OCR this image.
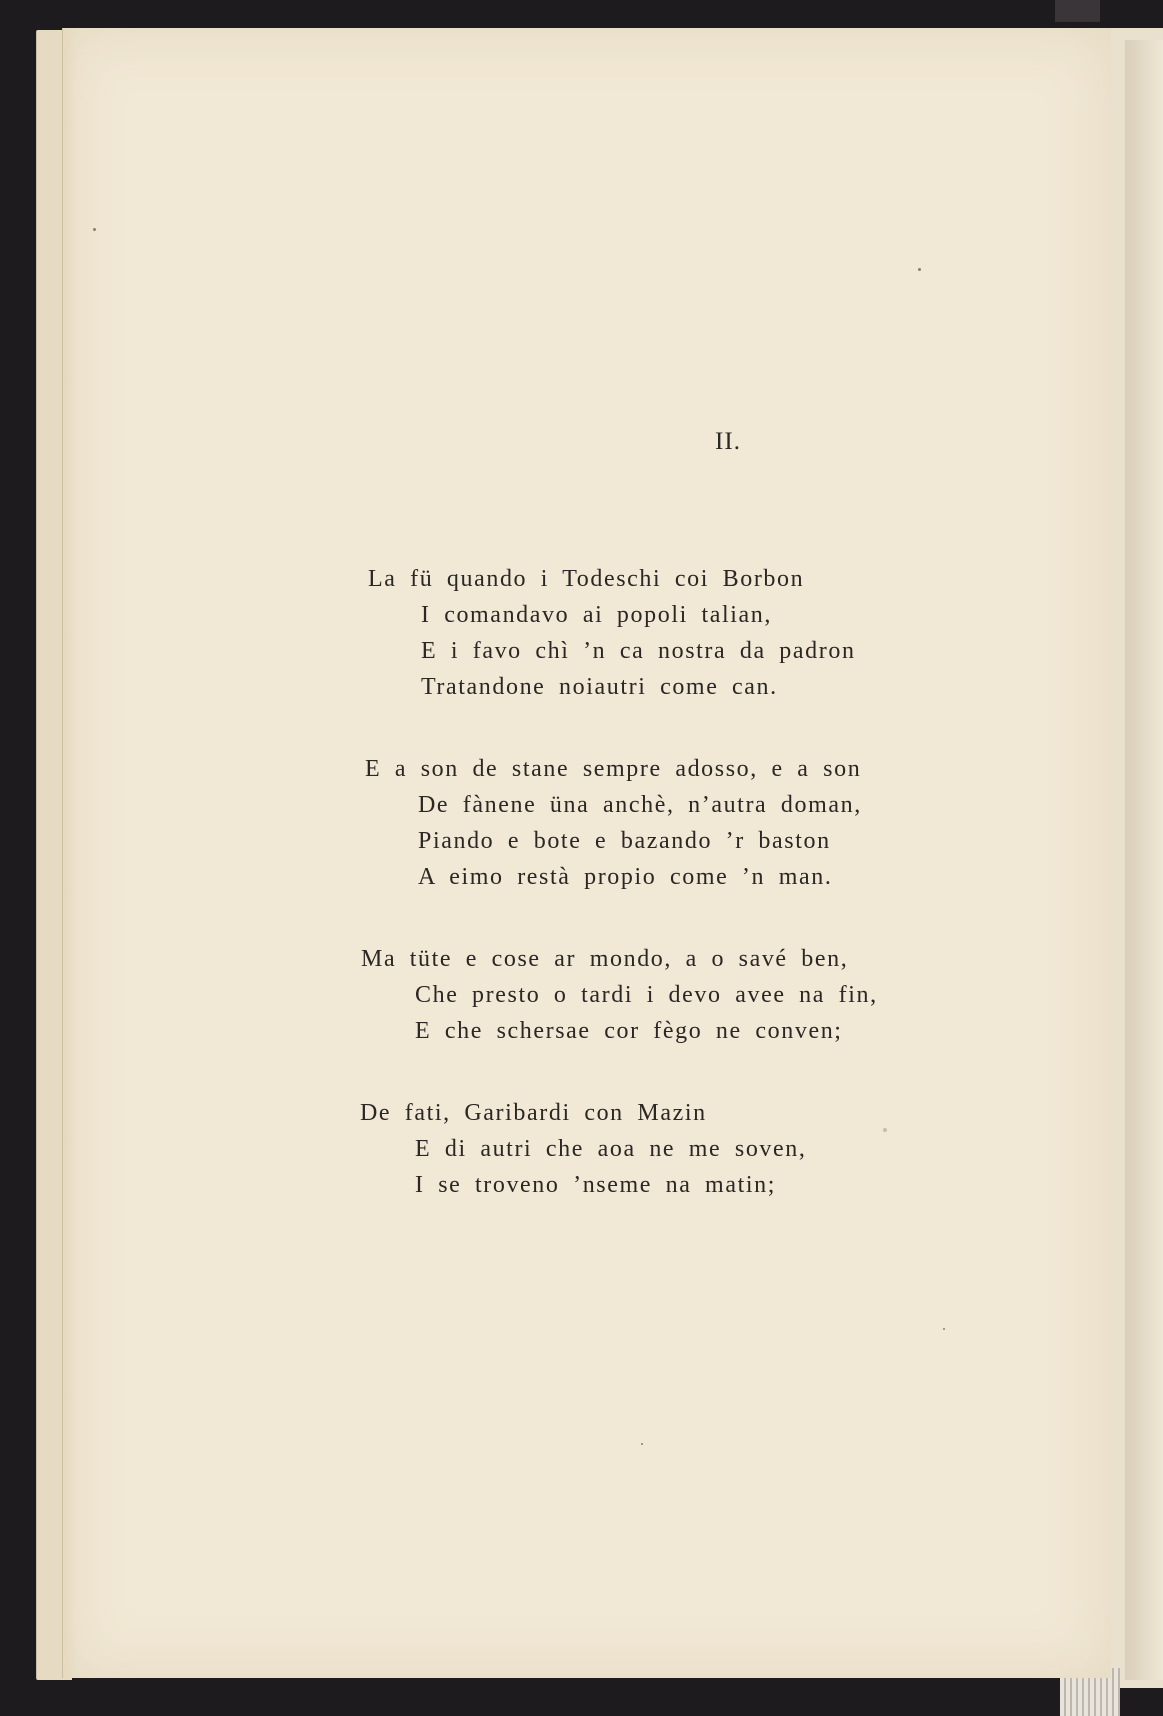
II.
La fü quando i Todeschi coi Borbon
I comandavo ai popoli talian,
E i favo chì ’n ca nostra da padron
Tratandone noiautri come can.
E a son de stane sempre adosso, e a son
De fànene üna anchè, n’autra doman,
Piando e bote e bazando ’r baston
A eimo restà propio come ’n man.
Ma tüte e cose ar mondo, a o savé ben,
Che presto o tardi i devo avee na fin,
E che schersae cor fègo ne conven;
De fati, Garibardi con Mazin
E di autri che aoa ne me soven,
I se troveno ’nseme na matin;
